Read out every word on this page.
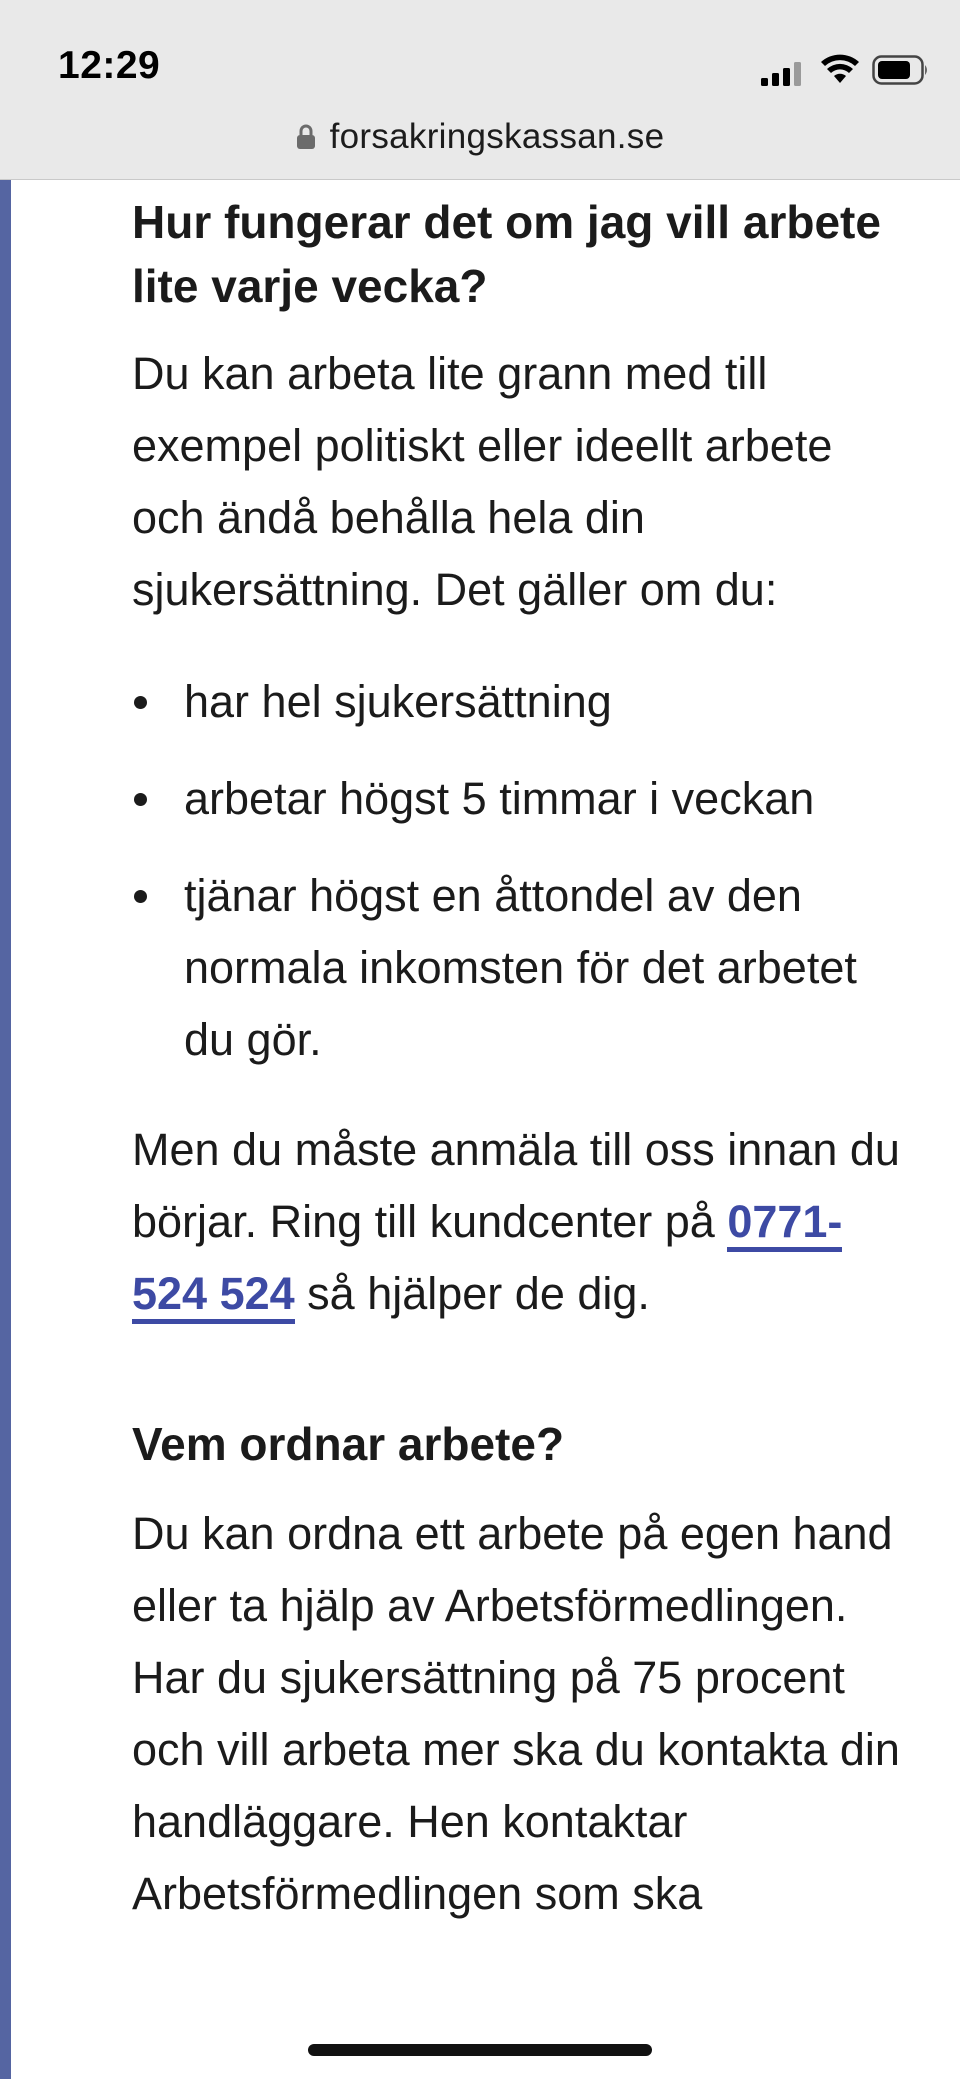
12:29
forsakringskassan.se
Hur fungerar det om jag vill arbete lite varje vecka?

Du kan arbeta lite grann med till exempel politiskt eller ideellt arbete och ändå behålla hela din sjukersättning. Det gäller om du:

har hel sjukersättning
arbetar högst 5 timmar i veckan
tjänar högst en åttondel av den normala inkomsten för det arbetet du gör.

Men du måste anmäla till oss innan du börjar. Ring till kundcenter på 0771-524 524 så hjälper de dig.

Vem ordnar arbete?

Du kan ordna ett arbete på egen hand eller ta hjälp av Arbetsförmedlingen. Har du sjukersättning på 75 procent och vill arbeta mer ska du kontakta din handläggare. Hen kontaktar Arbetsförmedlingen som ska
